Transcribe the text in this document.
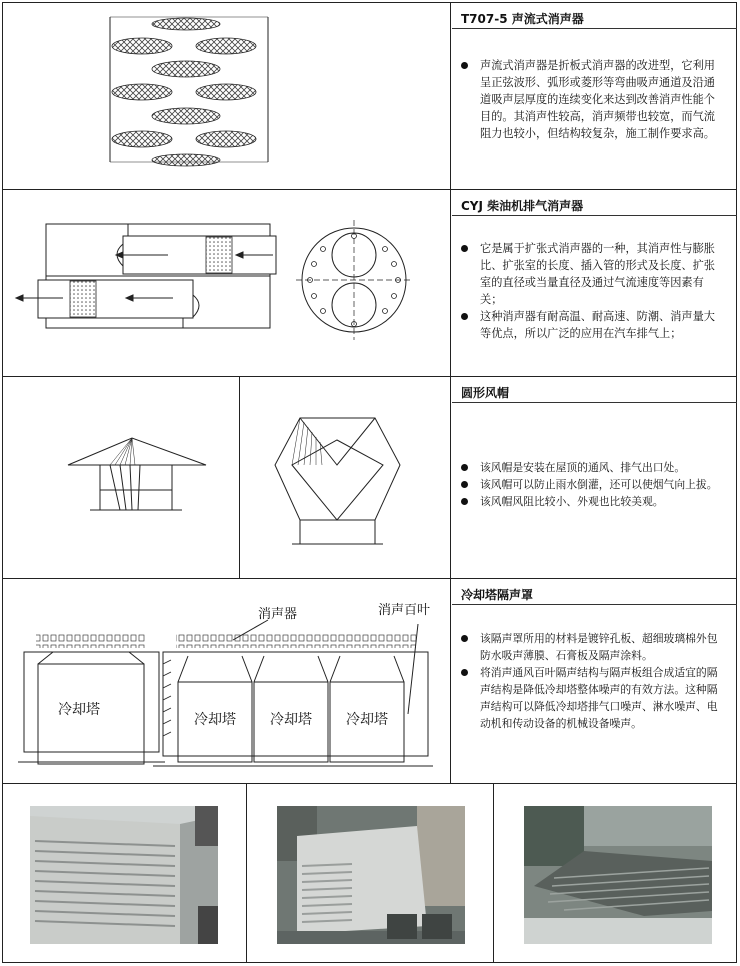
T707-5 声流式消声器

声流式消声器是折板式消声器的改进型，它利用呈正弦波形、弧形或菱形等弯曲吸声通道及沿通道吸声层厚度的连续变化来达到改善消声性能个目的。其消声性较高，消声频带也较宽，而气流阻力也较小，但结构较复杂，施工制作要求高。

CYJ 柴油机排气消声器

它是属于扩张式消声器的一种，其消声性与膨胀比、扩张室的长度、插入管的形式及长度、扩张室的直径或当量直径及通过气流速度等因素有关；

这种消声器有耐高温、耐高速、防潮、消声量大等优点，所以广泛的应用在汽车排气上；

圆形风帽

该风帽是安装在屋顶的通风、排气出口处。

该风帽可以防止雨水倒灌，还可以使烟气向上拔。

该风帽风阻比较小、外观也比较美观。

冷却塔隔声罩

该隔声罩所用的材料是镀锌孔板、超细玻璃棉外包防水吸声薄膜、石膏板及隔声涂料。

将消声通风百叶隔声结构与隔声板组合成适宜的隔声结构是降低冷却塔整体噪声的有效方法。这种隔声结构可以降低冷却塔排气口噪声、淋水噪声、电动机和传动设备的机械设备噪声。

消声器	消声百叶
冷却塔
冷却塔 冷却塔 冷却塔
